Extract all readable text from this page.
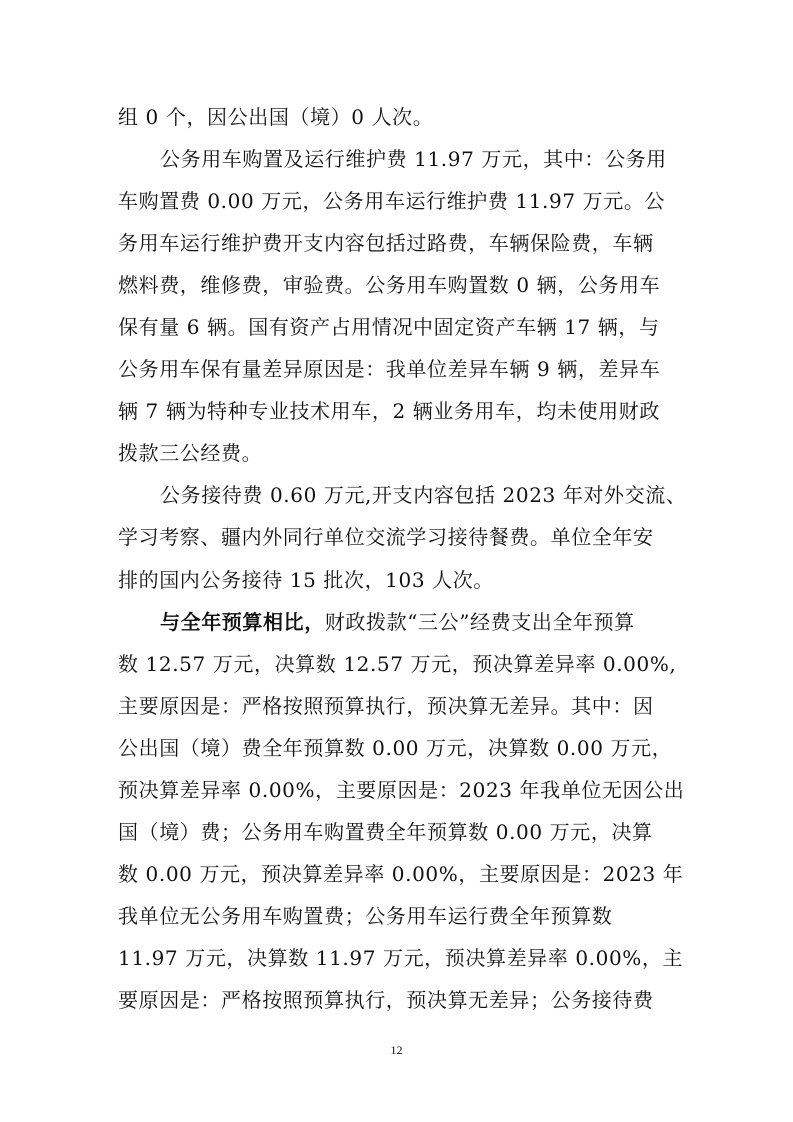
组 0 个，因公出国（境）0 人次。
公务用车购置及运行维护费 11.97 万元，其中：公务用
车购置费 0.00 万元，公务用车运行维护费 11.97 万元。公
务用车运行维护费开支内容包括过路费，车辆保险费，车辆
燃料费，维修费，审验费。公务用车购置数 0 辆，公务用车
保有量 6 辆。国有资产占用情况中固定资产车辆 17 辆，与
公务用车保有量差异原因是：我单位差异车辆 9 辆，差异车
辆 7 辆为特种专业技术用车，2 辆业务用车，均未使用财政
拨款三公经费。
公务接待费 0.60 万元,开支内容包括 2023 年对外交流、
学习考察、疆内外同行单位交流学习接待餐费。单位全年安
排的国内公务接待 15 批次，103 人次。
与全年预算相比，财政拨款“三公”经费支出全年预算
数 12.57 万元，决算数 12.57 万元，预决算差异率 0.00%,
主要原因是：严格按照预算执行，预决算无差异。其中：因
公出国（境）费全年预算数 0.00 万元，决算数 0.00 万元，
预决算差异率 0.00%，主要原因是：2023 年我单位无因公出
国（境）费；公务用车购置费全年预算数 0.00 万元，决算
数 0.00 万元，预决算差异率 0.00%，主要原因是：2023 年
我单位无公务用车购置费；公务用车运行费全年预算数
11.97 万元，决算数 11.97 万元，预决算差异率 0.00%，主
要原因是：严格按照预算执行，预决算无差异；公务接待费
12
